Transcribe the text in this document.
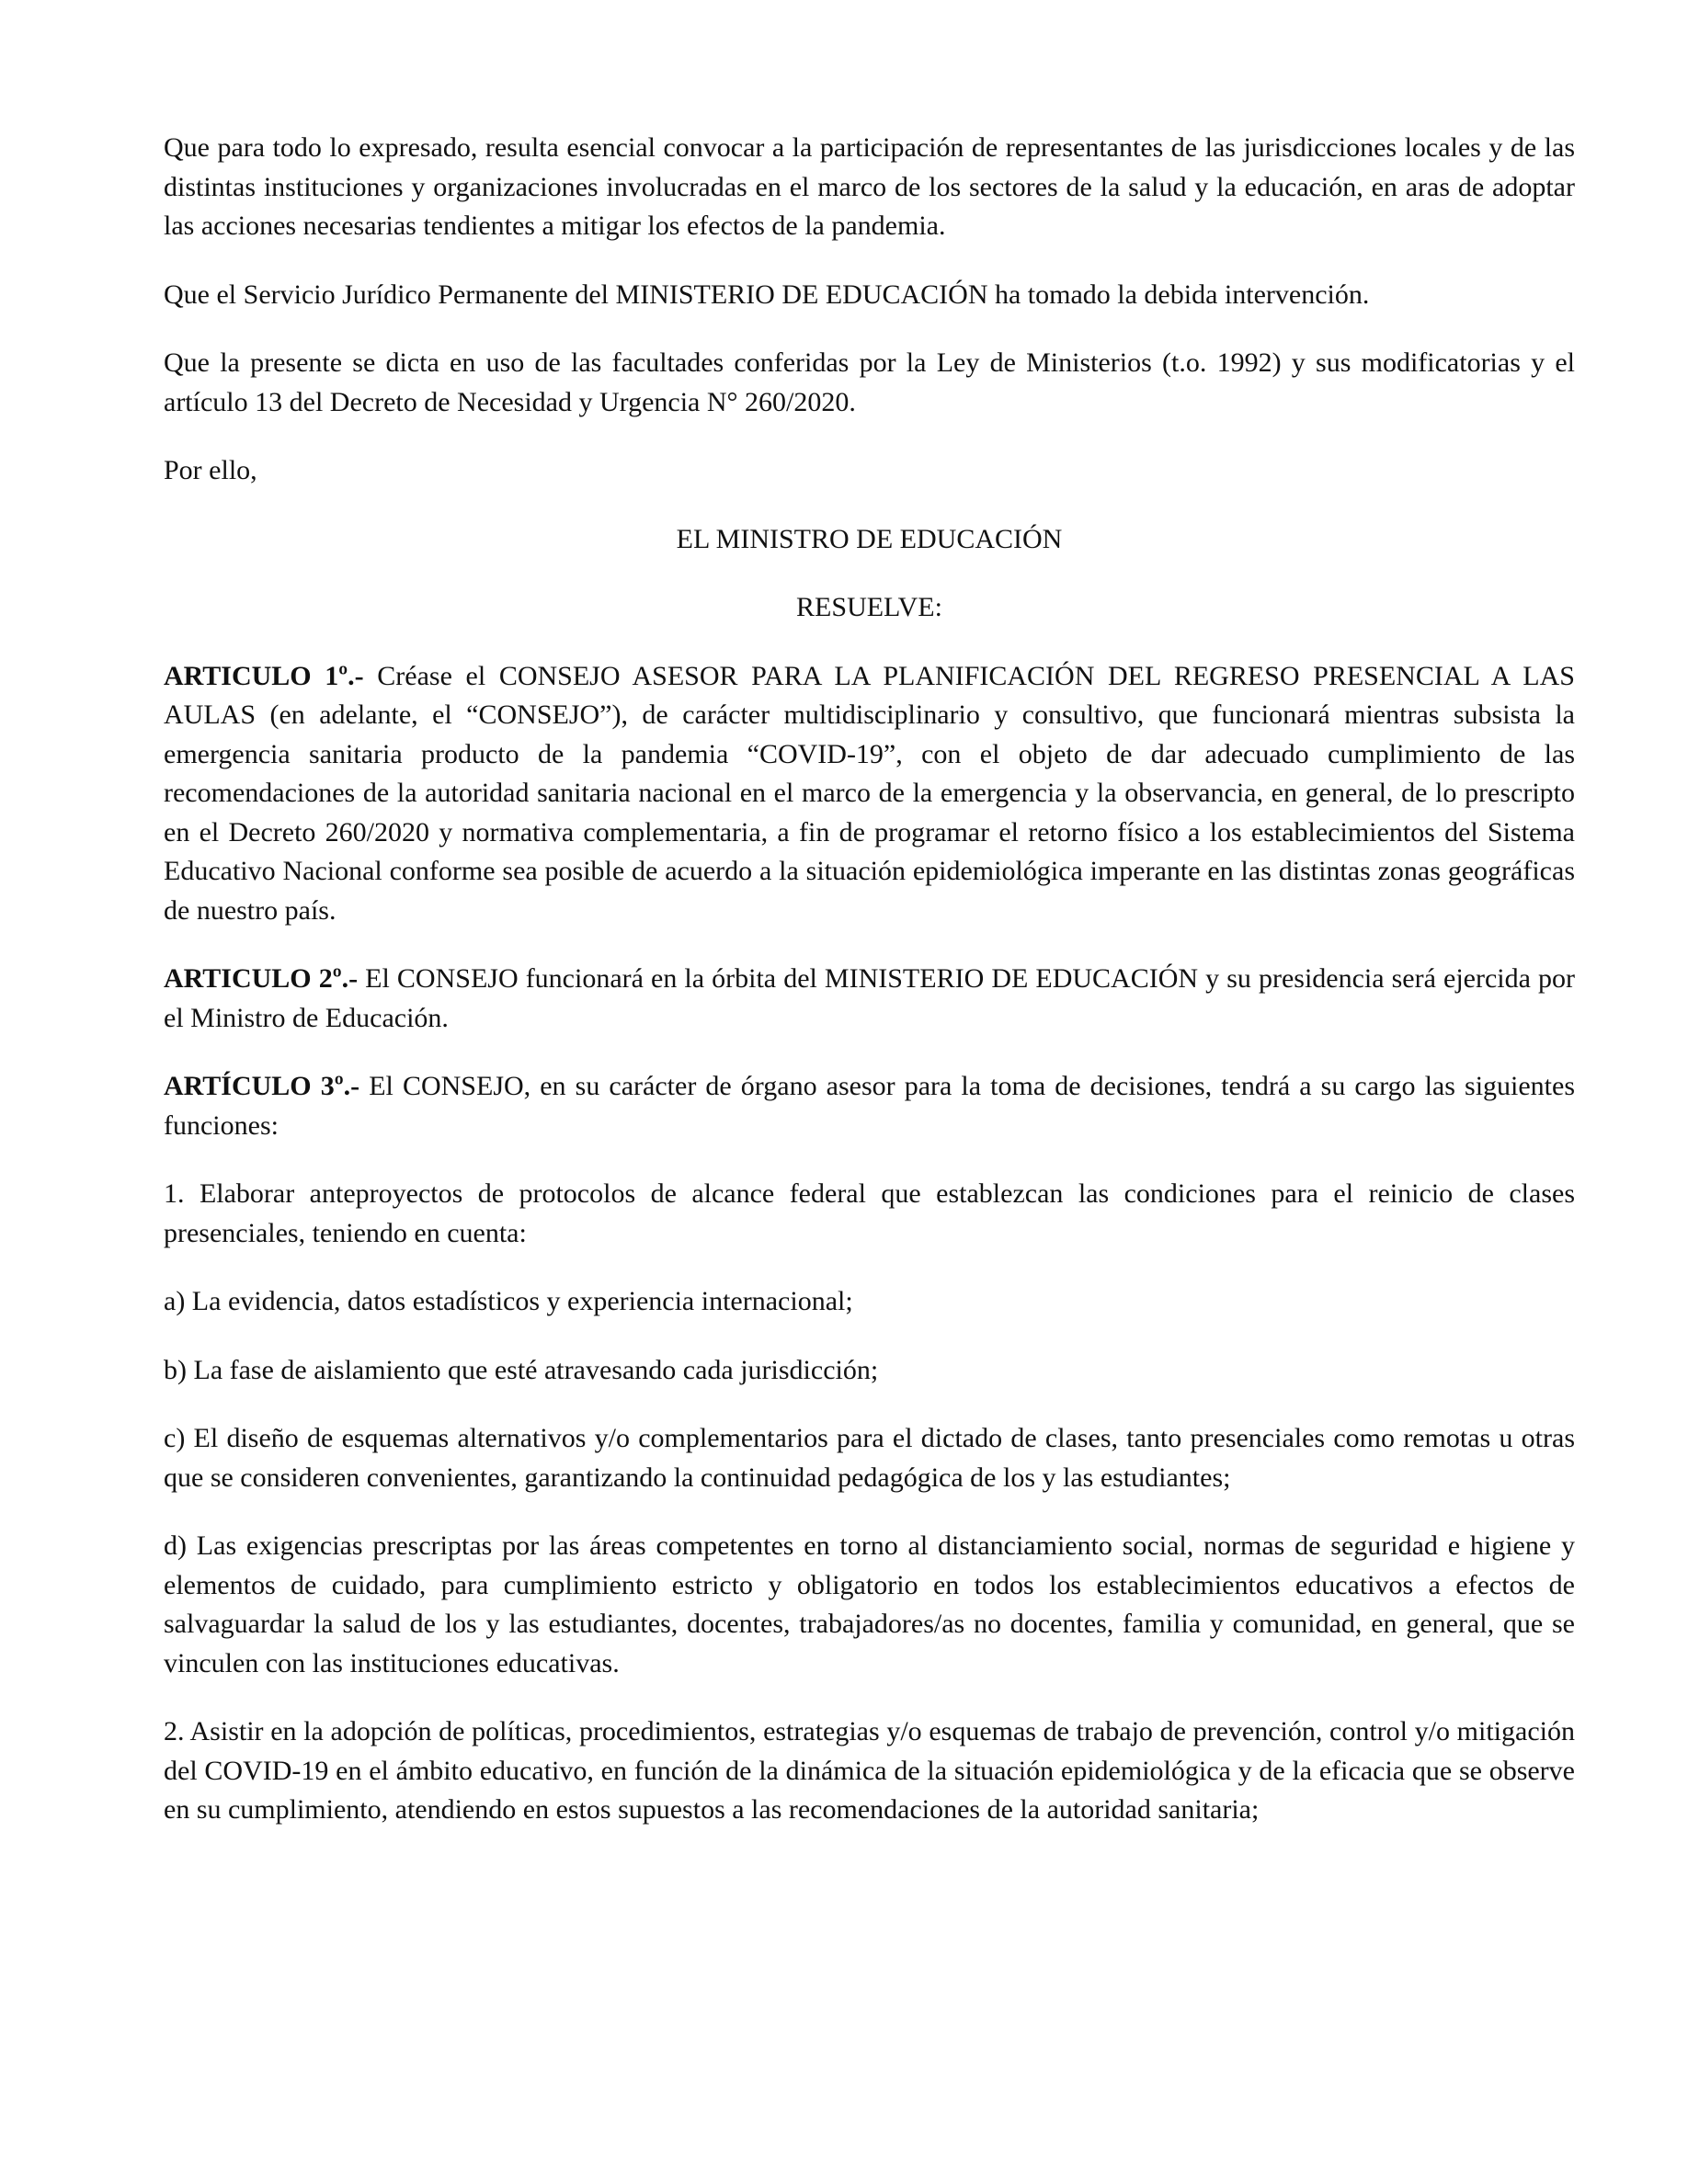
Que para todo lo expresado, resulta esencial convocar a la participación de representantes de las jurisdicciones locales y de las distintas instituciones y organizaciones involucradas en el marco de los sectores de la salud y la educación, en aras de adoptar las acciones necesarias tendientes a mitigar los efectos de la pandemia.

Que el Servicio Jurídico Permanente del MINISTERIO DE EDUCACIÓN ha tomado la debida intervención.

Que la presente se dicta en uso de las facultades conferidas por la Ley de Ministerios (t.o. 1992) y sus modificatorias y el artículo 13 del Decreto de Necesidad y Urgencia N° 260/2020.

Por ello,

EL MINISTRO DE EDUCACIÓN

RESUELVE:

ARTICULO 1º.- Créase el CONSEJO ASESOR PARA LA PLANIFICACIÓN DEL REGRESO PRESENCIAL A LAS AULAS (en adelante, el “CONSEJO”), de carácter multidisciplinario y consultivo, que funcionará mientras subsista la emergencia sanitaria producto de la pandemia “COVID-19”, con el objeto de dar adecuado cumplimiento de las recomendaciones de la autoridad sanitaria nacional en el marco de la emergencia y la observancia, en general, de lo prescripto en el Decreto 260/2020 y normativa complementaria, a fin de programar el retorno físico a los establecimientos del Sistema Educativo Nacional conforme sea posible de acuerdo a la situación epidemiológica imperante en las distintas zonas geográficas de nuestro país.

ARTICULO 2º.- El CONSEJO funcionará en la órbita del MINISTERIO DE EDUCACIÓN y su presidencia será ejercida por el Ministro de Educación.

ARTÍCULO 3º.- El CONSEJO, en su carácter de órgano asesor para la toma de decisiones, tendrá a su cargo las siguientes funciones:

1. Elaborar anteproyectos de protocolos de alcance federal que establezcan las condiciones para el reinicio de clases presenciales, teniendo en cuenta:

a) La evidencia, datos estadísticos y experiencia internacional;

b) La fase de aislamiento que esté atravesando cada jurisdicción;

c) El diseño de esquemas alternativos y/o complementarios para el dictado de clases, tanto presenciales como remotas u otras que se consideren convenientes, garantizando la continuidad pedagógica de los y las estudiantes;

d) Las exigencias prescriptas por las áreas competentes en torno al distanciamiento social, normas de seguridad e higiene y elementos de cuidado, para cumplimiento estricto y obligatorio en todos los establecimientos educativos a efectos de salvaguardar la salud de los y las estudiantes, docentes, trabajadores/as no docentes, familia y comunidad, en general, que se vinculen con las instituciones educativas.

2. Asistir en la adopción de políticas, procedimientos, estrategias y/o esquemas de trabajo de prevención, control y/o mitigación del COVID-19 en el ámbito educativo, en función de la dinámica de la situación epidemiológica y de la eficacia que se observe en su cumplimiento, atendiendo en estos supuestos a las recomendaciones de la autoridad sanitaria;
